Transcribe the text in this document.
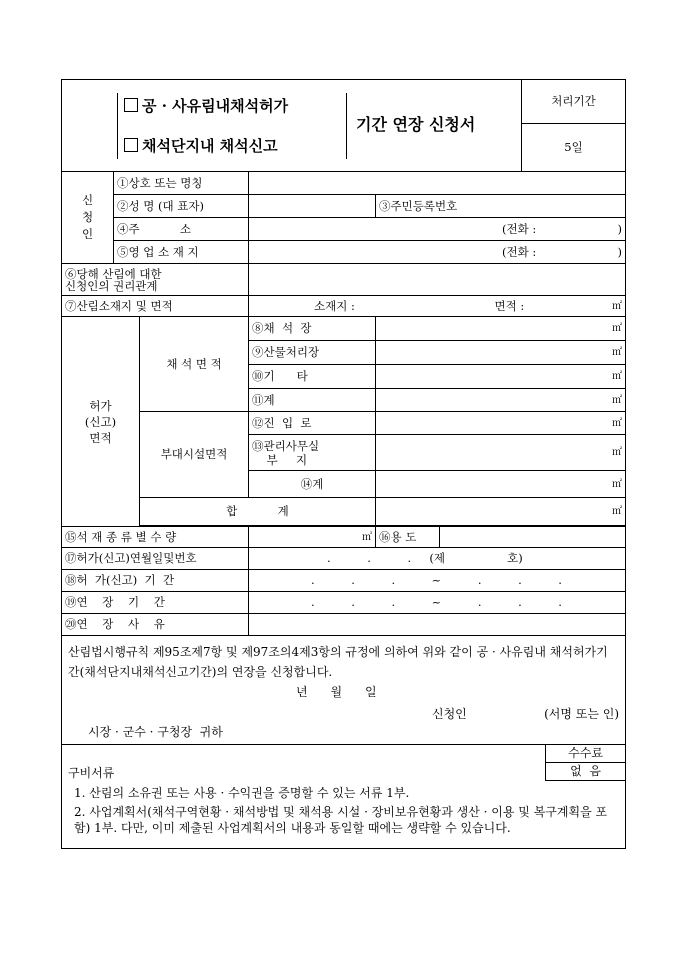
공 · 사유림내채석허가
채석단지내 채석신고
기간 연장 신청서
	처리기간
5일
신
청
인	①상호 또는 명칭				
	②성 명 (대 표자)			③주민등록번호	
	④주           소		(전화 : )		

	⑤영 업 소 재 지		(전화 : )		

⑥당해 산림에 대한
신청인의 권리관계					
⑦산림소재지 및 면적			소재지 : 면적 : ㎡		

허가
(신고)
면적		채 석 면 적	⑧채  석  장	㎡	

			⑨산물처리장	㎡	

			⑩기      타	㎡	

			⑪계	㎡	

		부대시설면적	⑫진  입  로	㎡	

			⑬관리사무실
부     지	㎡	

			⑭계	㎡	

		합           계		㎡	

⑮석 재 종 류 별 수 량			㎥	⑯용 도	

⑰허가(신고)연월일및번호			.          .          .     (제                 호)		
⑱허  가(신고)  기  간			.          .          .          ~          .          .          .		
⑲연    장    기    간			.          .          .          ~          .          .          .		
⑳연    장    사    유					

산림법시행규칙 제95조제7항 및 제97조의4제3항의 규정에 의하여 위와 같이 공 · 사유림내 채석허가기간(채석단지내채석신고기간)의 연장을 신청합니다.
년      월      일
신청인 (서명 또는 인)
시장 · 군수 · 구청장  귀하					

구비서류
수수료
없  음
1. 산림의 소유권 또는 사용 · 수익권을 증명할 수 있는 서류 1부.
2. 사업계획서(채석구역현황 · 채석방법 및 채석용 시설 · 장비보유현황과 생산 · 이용 및 복구계획을 포함) 1부. 다만, 이미 제출된 사업계획서의 내용과 동일할 때에는 생략할 수 있습니다.					
